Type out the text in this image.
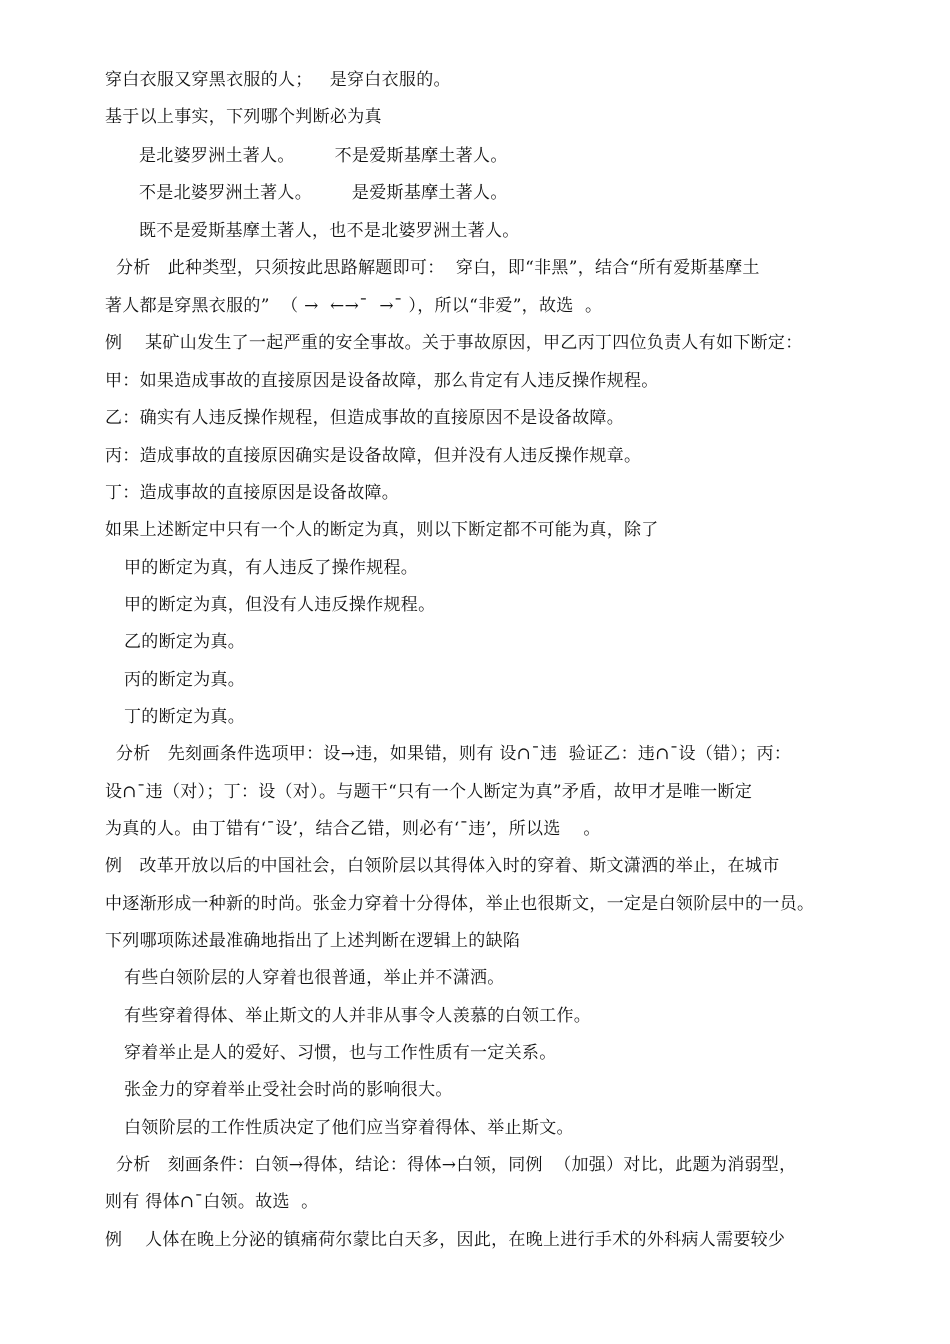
穿白衣服又穿黑衣服的人；   是穿白衣服的。
基于以上事实，下列哪个判断必为真
是北婆罗洲土著人。       不是爱斯基摩土著人。
不是北婆罗洲土著人。       是爱斯基摩土著人。
既不是爱斯基摩土著人，也不是北婆罗洲土著人。
分析   此种类型，只须按此思路解题即可：  穿白，即“非黑”，结合“所有爱斯基摩土
著人都是穿黑衣服的”  （ →  ←→ˉ  →ˉ ），所以“非爱”，故选  。
例    某矿山发生了一起严重的安全事故。关于事故原因，甲乙丙丁四位负责人有如下断定：
甲：如果造成事故的直接原因是设备故障，那么肯定有人违反操作规程。
乙：确实有人违反操作规程，但造成事故的直接原因不是设备故障。
丙：造成事故的直接原因确实是设备故障，但并没有人违反操作规章。
丁：造成事故的直接原因是设备故障。
如果上述断定中只有一个人的断定为真，则以下断定都不可能为真，除了
甲的断定为真，有人违反了操作规程。
甲的断定为真，但没有人违反操作规程。
乙的断定为真。
丙的断定为真。
丁的断定为真。
分析   先刻画条件选项甲：设→违，如果错，则有 设∩ˉ违  验证乙：违∩ˉ设（错）；丙：
设∩ˉ违（对）；丁：设（对）。与题干“只有一个人断定为真”矛盾，故甲才是唯一断定
为真的人。由丁错有‘ˉ设’，结合乙错，则必有‘ˉ违’，所以选    。
例   改革开放以后的中国社会，白领阶层以其得体入时的穿着、斯文潇洒的举止，在城市
中逐渐形成一种新的时尚。张金力穿着十分得体，举止也很斯文，一定是白领阶层中的一员。
下列哪项陈述最准确地指出了上述判断在逻辑上的缺陷
有些白领阶层的人穿着也很普通，举止并不潇洒。
有些穿着得体、举止斯文的人并非从事令人羡慕的白领工作。
穿着举止是人的爱好、习惯，也与工作性质有一定关系。
张金力的穿着举止受社会时尚的影响很大。
白领阶层的工作性质决定了他们应当穿着得体、举止斯文。
分析   刻画条件：白领→得体，结论：得体→白领，同例  （加强）对比，此题为消弱型，
则有 得体∩ˉ白领。故选  。
例    人体在晚上分泌的镇痛荷尔蒙比白天多，因此，在晚上进行手术的外科病人需要较少
